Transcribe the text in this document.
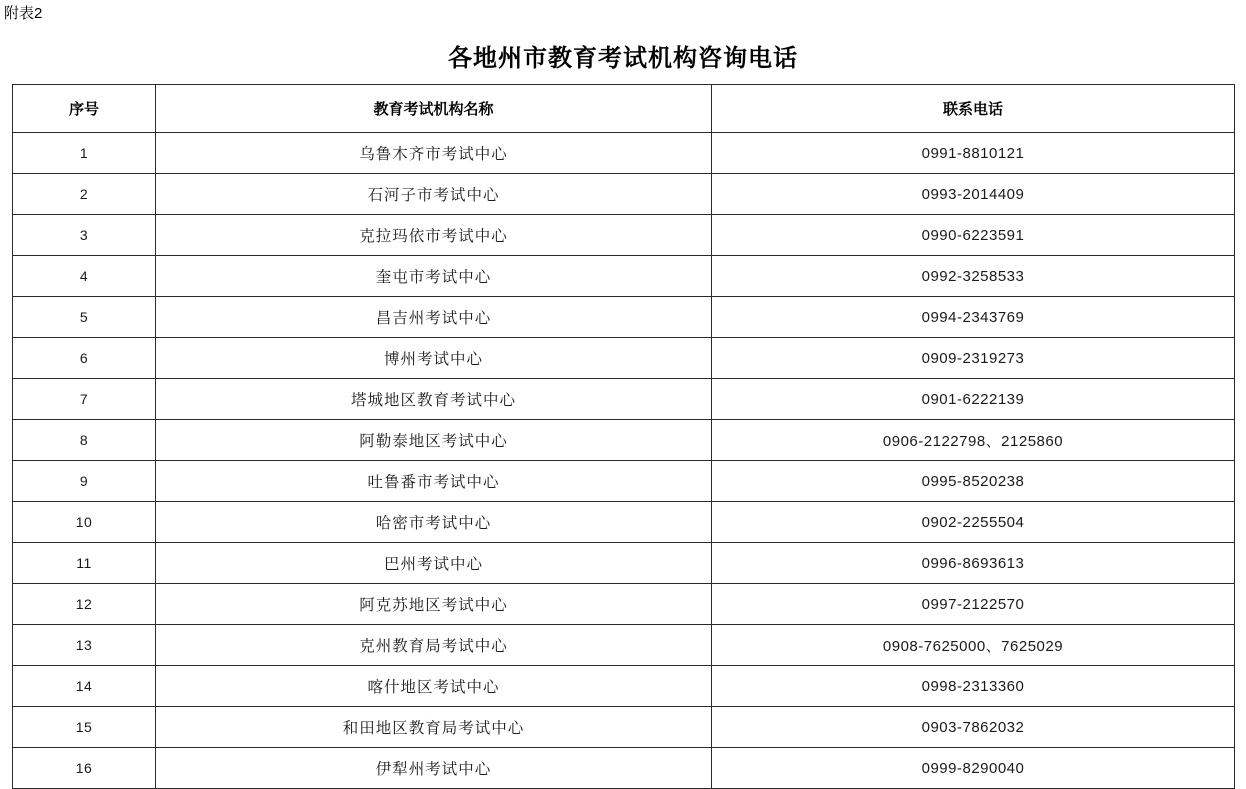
附表2
各地州市教育考试机构咨询电话
序号	教育考试机构名称	联系电话
1	乌鲁木齐市考试中心	0991-8810121
2	石河子市考试中心	0993-2014409
3	克拉玛依市考试中心	0990-6223591
4	奎屯市考试中心	0992-3258533
5	昌吉州考试中心	0994-2343769
6	博州考试中心	0909-2319273
7	塔城地区教育考试中心	0901-6222139
8	阿勒泰地区考试中心	0906-2122798、2125860
9	吐鲁番市考试中心	0995-8520238
10	哈密市考试中心	0902-2255504
11	巴州考试中心	0996-8693613
12	阿克苏地区考试中心	0997-2122570
13	克州教育局考试中心	0908-7625000、7625029
14	喀什地区考试中心	0998-2313360
15	和田地区教育局考试中心	0903-7862032
16	伊犁州考试中心	0999-8290040
